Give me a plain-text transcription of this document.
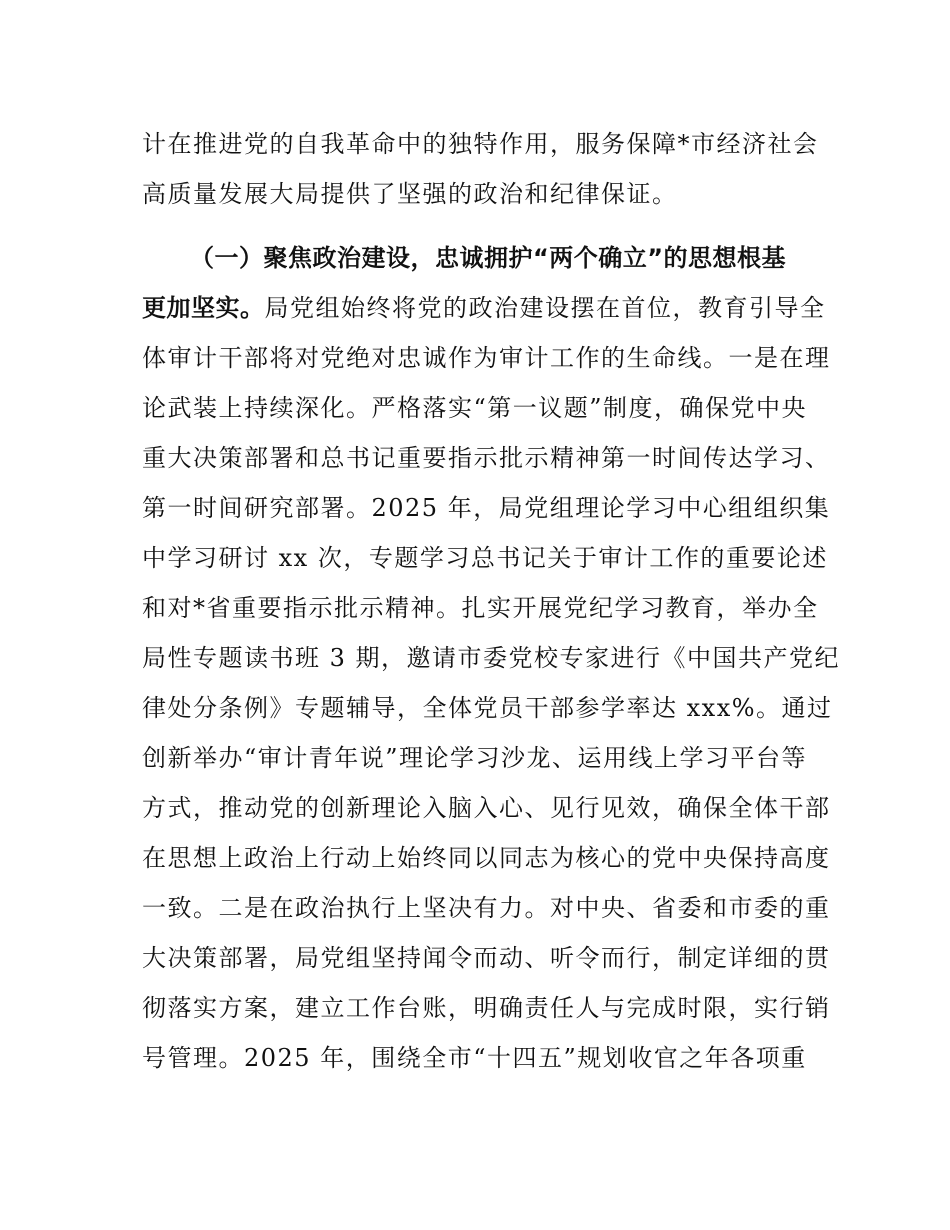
计在推进党的自我革命中的独特作用，服务保障*市经济社会
高质量发展大局提供了坚强的政治和纪律保证。
（一）聚焦政治建设，忠诚拥护“两个确立”的思想根基
更加坚实。局党组始终将党的政治建设摆在首位，教育引导全
体审计干部将对党绝对忠诚作为审计工作的生命线。一是在理
论武装上持续深化。严格落实“第一议题”制度，确保党中央
重大决策部署和总书记重要指示批示精神第一时间传达学习、
第一时间研究部署。2025 年，局党组理论学习中心组组织集
中学习研讨 xx 次，专题学习总书记关于审计工作的重要论述
和对*省重要指示批示精神。扎实开展党纪学习教育，举办全
局性专题读书班 3 期，邀请市委党校专家进行《中国共产党纪
律处分条例》专题辅导，全体党员干部参学率达 xxx%。通过
创新举办“审计青年说”理论学习沙龙、运用线上学习平台等
方式，推动党的创新理论入脑入心、见行见效，确保全体干部
在思想上政治上行动上始终同以同志为核心的党中央保持高度
一致。二是在政治执行上坚决有力。对中央、省委和市委的重
大决策部署，局党组坚持闻令而动、听令而行，制定详细的贯
彻落实方案，建立工作台账，明确责任人与完成时限，实行销
号管理。2025 年，围绕全市“十四五”规划收官之年各项重
